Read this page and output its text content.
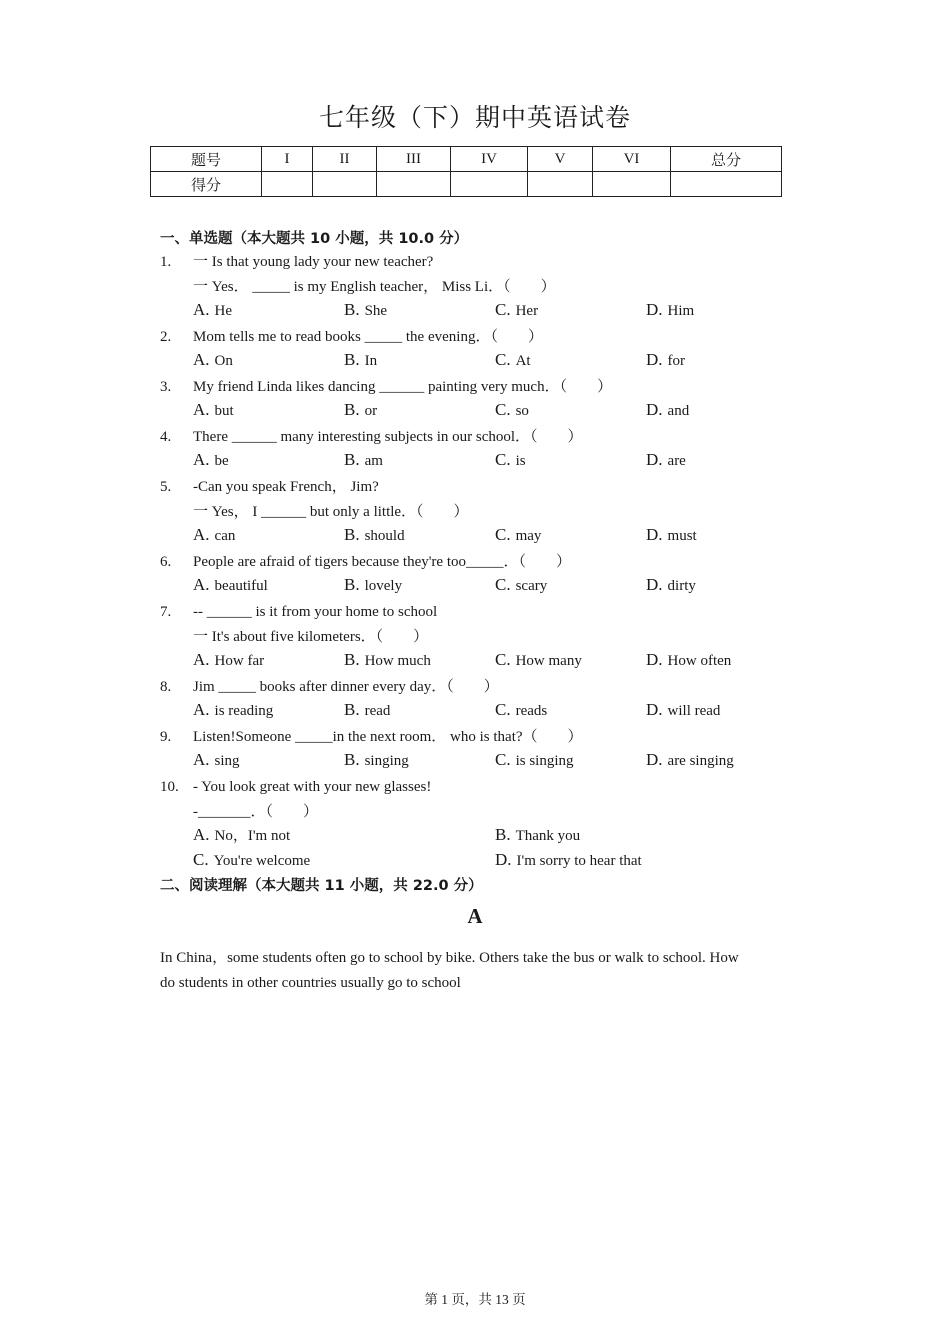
七年级（下）期中英语试卷
题号	I	II	III	IV	V	VI	总分
得分							
一、单选题（本大题共 10 小题，共 10.0 分）
1. 一 Is that young lady your new teacher?
一 Yes． _____ is my English teacher， Miss Li．（　　）
A. He	B. She	C. Her	D. Him
2. Mom tells me to read books _____ the evening．（　　）
A. On	B. In	C. At	D. for
3. My friend Linda likes dancing ______ painting very much．（　　）
A. but	B. or	C. so	D. and
4. There ______ many interesting subjects in our school．（　　）
A. be	B. am	C. is	D. are
5. -Can you speak French， Jim?
一 Yes， I ______ but only a little．（　　）
A. can	B. should	C. may	D. must
6. People are afraid of tigers because they're too_____．（　　）
A. beautiful	B. lovely	C. scary	D. dirty
7. -- ______ is it from your home to school
一 It's about five kilometers．（　　）
A. How far	B. How much	C. How many	D. How often
8. Jim _____ books after dinner every day．（　　）
A. is reading	B. read	C. reads	D. will read
9. Listen!Someone _____in the next room． who is that?（　　）
A. sing	B. singing	C. is singing	D. are singing
10. - You look great with your new glasses!
-_______．（　　）
A. No，I'm not	B. Thank you
C. You're welcome	D. I'm sorry to hear that
二、阅读理解（本大题共 11 小题，共 22.0 分）
A
In China，some students often go to school by bike. Others take the bus or walk to school. How
do students in other countries usually go to school
第 1 页，共 13 页
